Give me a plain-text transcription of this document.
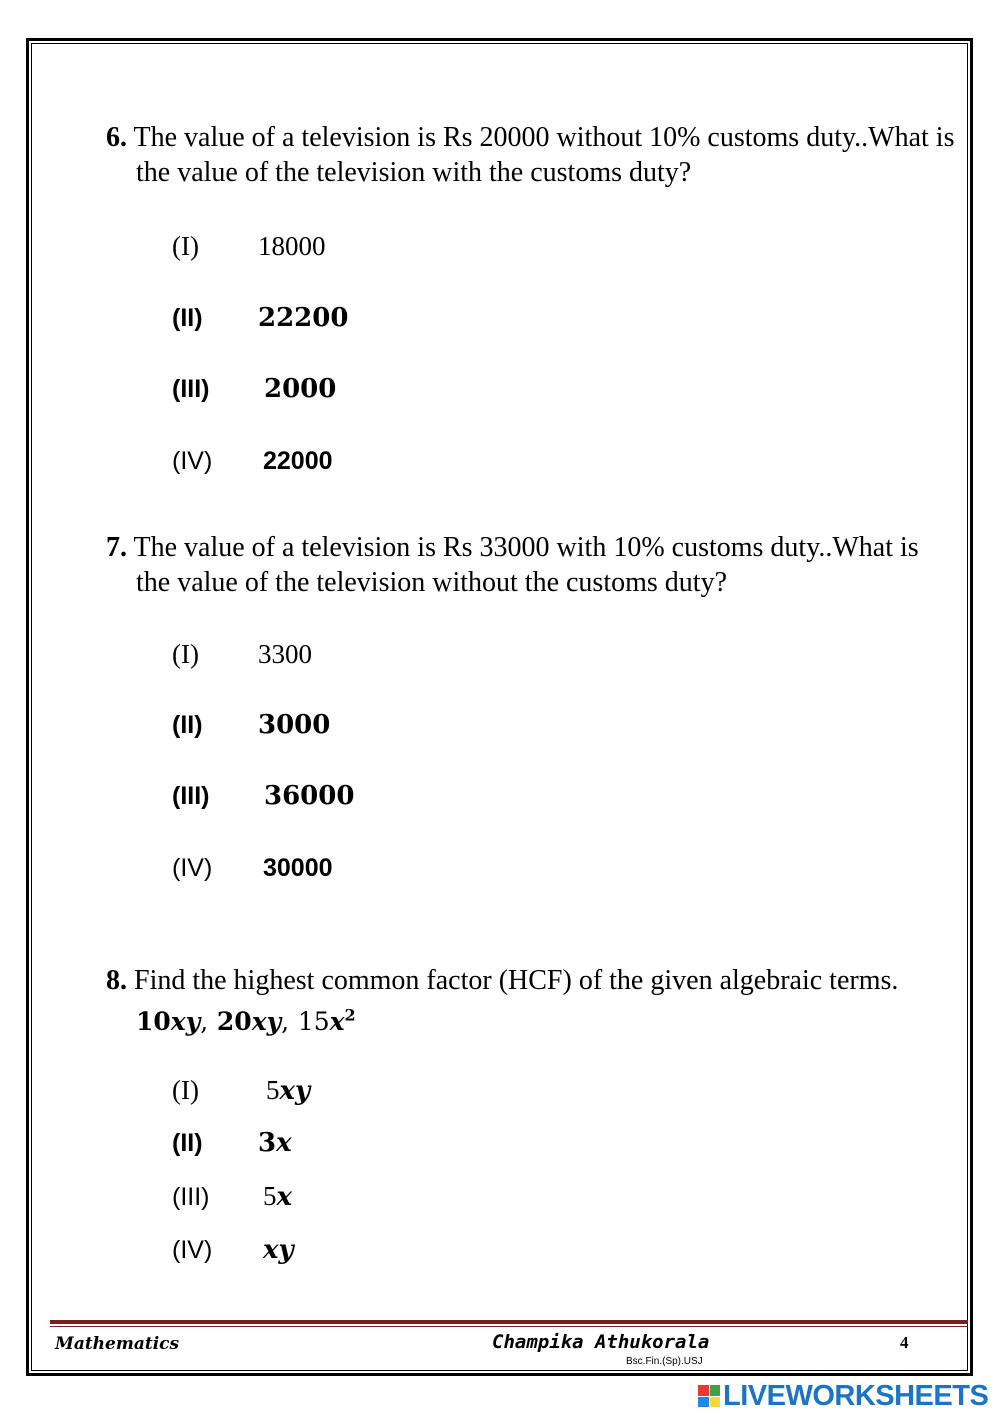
6. The value of a television is Rs 20000 without 10% customs duty..What is the value of the television with the customs duty?
(I) 18000
(II) 22200
(III) 2000
(IV) 22000
7. The value of a television is Rs 33000 with 10% customs duty..What is the value of the television without the customs duty?
(I) 3300
(II) 3000
(III) 36000
(IV) 30000
8. Find the highest common factor (HCF) of the given algebraic terms. 10xy, 20xy, $15x^2$
(I) 5xy
(II) 3x
(III) 5x
(IV) xy
Mathematics	Champika Athukorala
Bsc.Fin.(Sp).USJ
4
LIVEWORKSHEETS
